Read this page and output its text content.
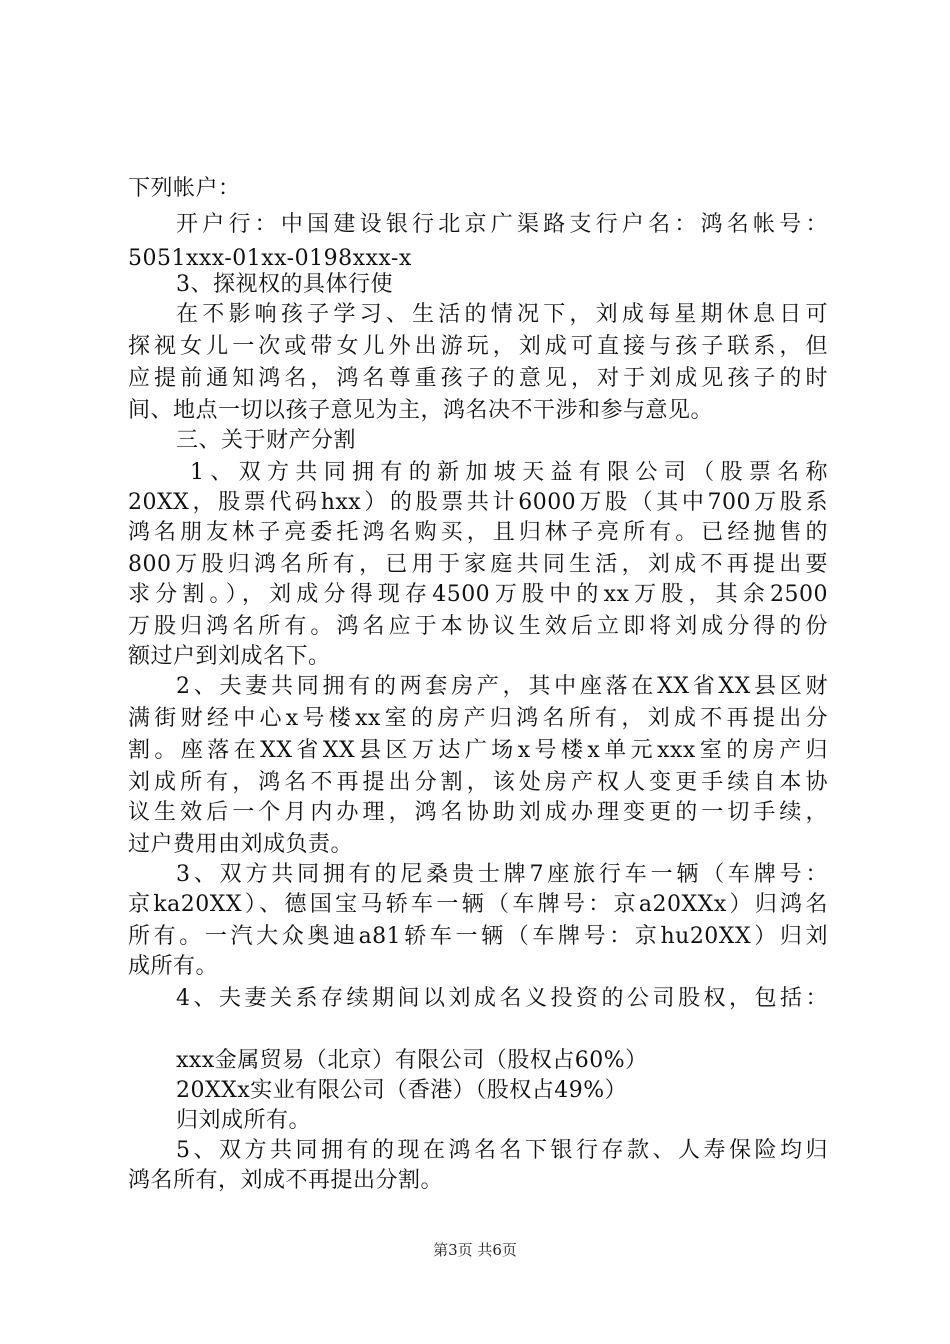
下列帐户：
开户行：中国建设银行北京广渠路支行户名：鸿名帐号：
5051xxx-01xx-0198xxx-x
3、探视权的具体行使
在不影响孩子学习、生活的情况下，刘成每星期休息日可
探视女儿一次或带女儿外出游玩，刘成可直接与孩子联系，但
应提前通知鸿名，鸿名尊重孩子的意见，对于刘成见孩子的时
间、地点一切以孩子意见为主，鸿名决不干涉和参与意见。
三、关于财产分割
1、双方共同拥有的新加坡天益有限公司（股票名称
20XX，股票代码hxx）的股票共计6000万股（其中700万股系
鸿名朋友林子亮委托鸿名购买，且归林子亮所有。已经抛售的
800万股归鸿名所有，已用于家庭共同生活，刘成不再提出要
求分割。），刘成分得现存4500万股中的xx万股，其余2500
万股归鸿名所有。鸿名应于本协议生效后立即将刘成分得的份
额过户到刘成名下。
2、夫妻共同拥有的两套房产，其中座落在XX省XX县区财
满街财经中心x号楼xx室的房产归鸿名所有，刘成不再提出分
割。座落在XX省XX县区万达广场x号楼x单元xxx室的房产归
刘成所有，鸿名不再提出分割，该处房产权人变更手续自本协
议生效后一个月内办理，鸿名协助刘成办理变更的一切手续，
过户费用由刘成负责。
3、双方共同拥有的尼桑贵士牌7座旅行车一辆（车牌号：
京ka20XX）、德国宝马轿车一辆（车牌号：京a20XXx）归鸿名
所有。一汽大众奥迪a81轿车一辆（车牌号：京hu20XX）归刘
成所有。
4、夫妻关系存续期间以刘成名义投资的公司股权，包括：
xxx金属贸易（北京）有限公司（股权占60%）
20XXx实业有限公司（香港）（股权占49%）
归刘成所有。
5、双方共同拥有的现在鸿名名下银行存款、人寿保险均归
鸿名所有，刘成不再提出分割。
第3页 共6页
